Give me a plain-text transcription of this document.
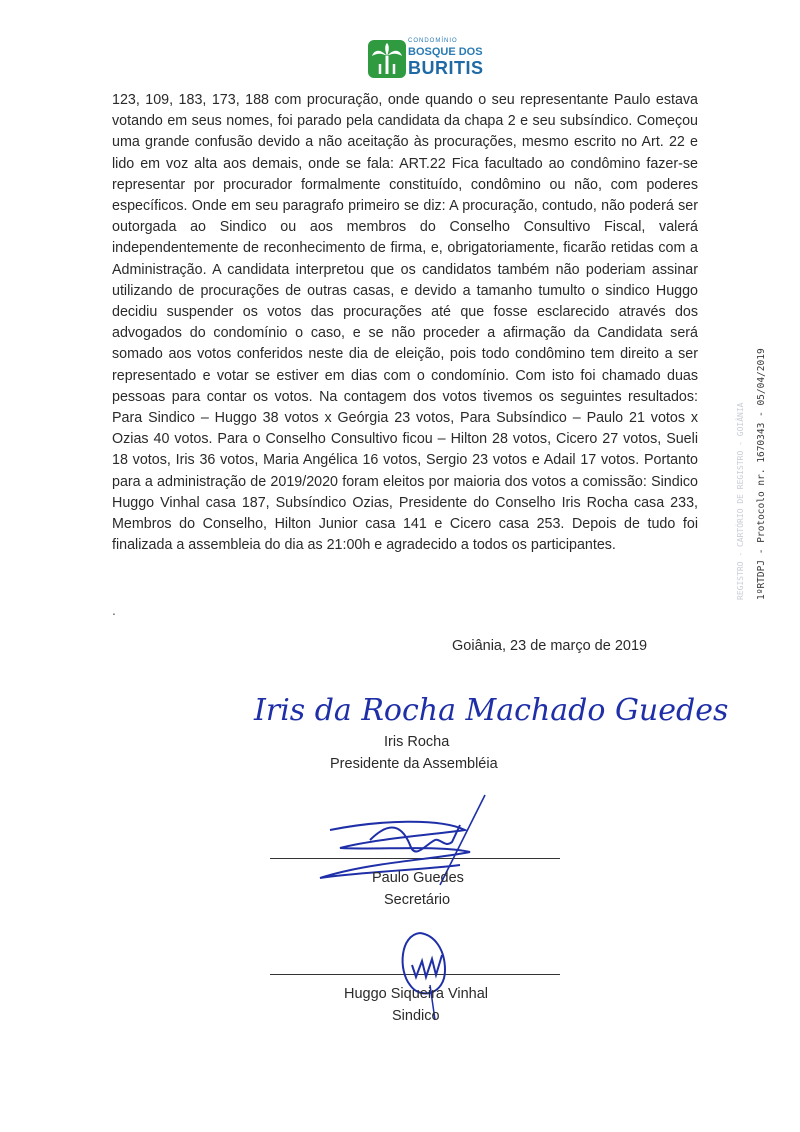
CONDOMÍNIO
BOSQUE DOS
BURITIS

123, 109, 183, 173, 188 com procuração, onde quando o seu representante Paulo estava votando em seus nomes, foi parado pela candidata da chapa 2 e seu subsíndico. Começou uma grande confusão devido a não aceitação às procurações, mesmo escrito no Art. 22 e lido em voz alta aos demais, onde se fala: ART.22 Fica facultado ao condômino fazer-se representar por procurador formalmente constituído, condômino ou não, com poderes específicos. Onde em seu paragrafo primeiro se diz: A procuração, contudo, não poderá ser outorgada ao Sindico ou aos membros do Conselho Consultivo Fiscal, valerá independentemente de reconhecimento de firma, e, obrigatoriamente, ficarão retidas com a Administração. A candidata interpretou que os candidatos também não poderiam assinar utilizando de procurações de outras casas, e devido a tamanho tumulto o sindico Huggo decidiu suspender os votos das procurações até que fosse esclarecido através dos advogados do condomínio o caso, e se não proceder a afirmação da Candidata será somado aos votos conferidos neste dia de eleição, pois todo condômino tem direito a ser representado e votar se estiver em dias com o condomínio. Com isto foi chamado duas pessoas para contar os votos. Na contagem dos votos tivemos os seguintes resultados: Para Sindico – Huggo 38 votos x Geórgia 23 votos, Para Subsíndico – Paulo 21 votos x Ozias 40 votos. Para o Conselho Consultivo ficou – Hilton 28 votos, Cicero 27 votos, Sueli 18 votos, Iris 36 votos, Maria Angélica 16 votos, Sergio 23 votos e Adail 17 votos. Portanto para a administração de 2019/2020 foram eleitos por maioria dos votos a comissão: Sindico Huggo Vinhal casa 187, Subsíndico Ozias, Presidente do Conselho Iris Rocha casa 233, Membros do Conselho, Hilton Junior casa 141 e Cicero casa 253. Depois de tudo foi finalizada a assembleia do dia as 21:00h e agradecido a todos os participantes.

.
Goiânia, 23 de março de 2019
Iris da Rocha Machado Guedes
Iris Rocha
Presidente da Assembléia
Paulo Guedes
Secretário
Huggo Siqueira Vinhal
Sindico
REGISTRO - CARTÓRIO DE REGISTRO - GOIÂNIA 1ºRTDPJ - Protocolo nr. 1670343 - 05/04/2019
